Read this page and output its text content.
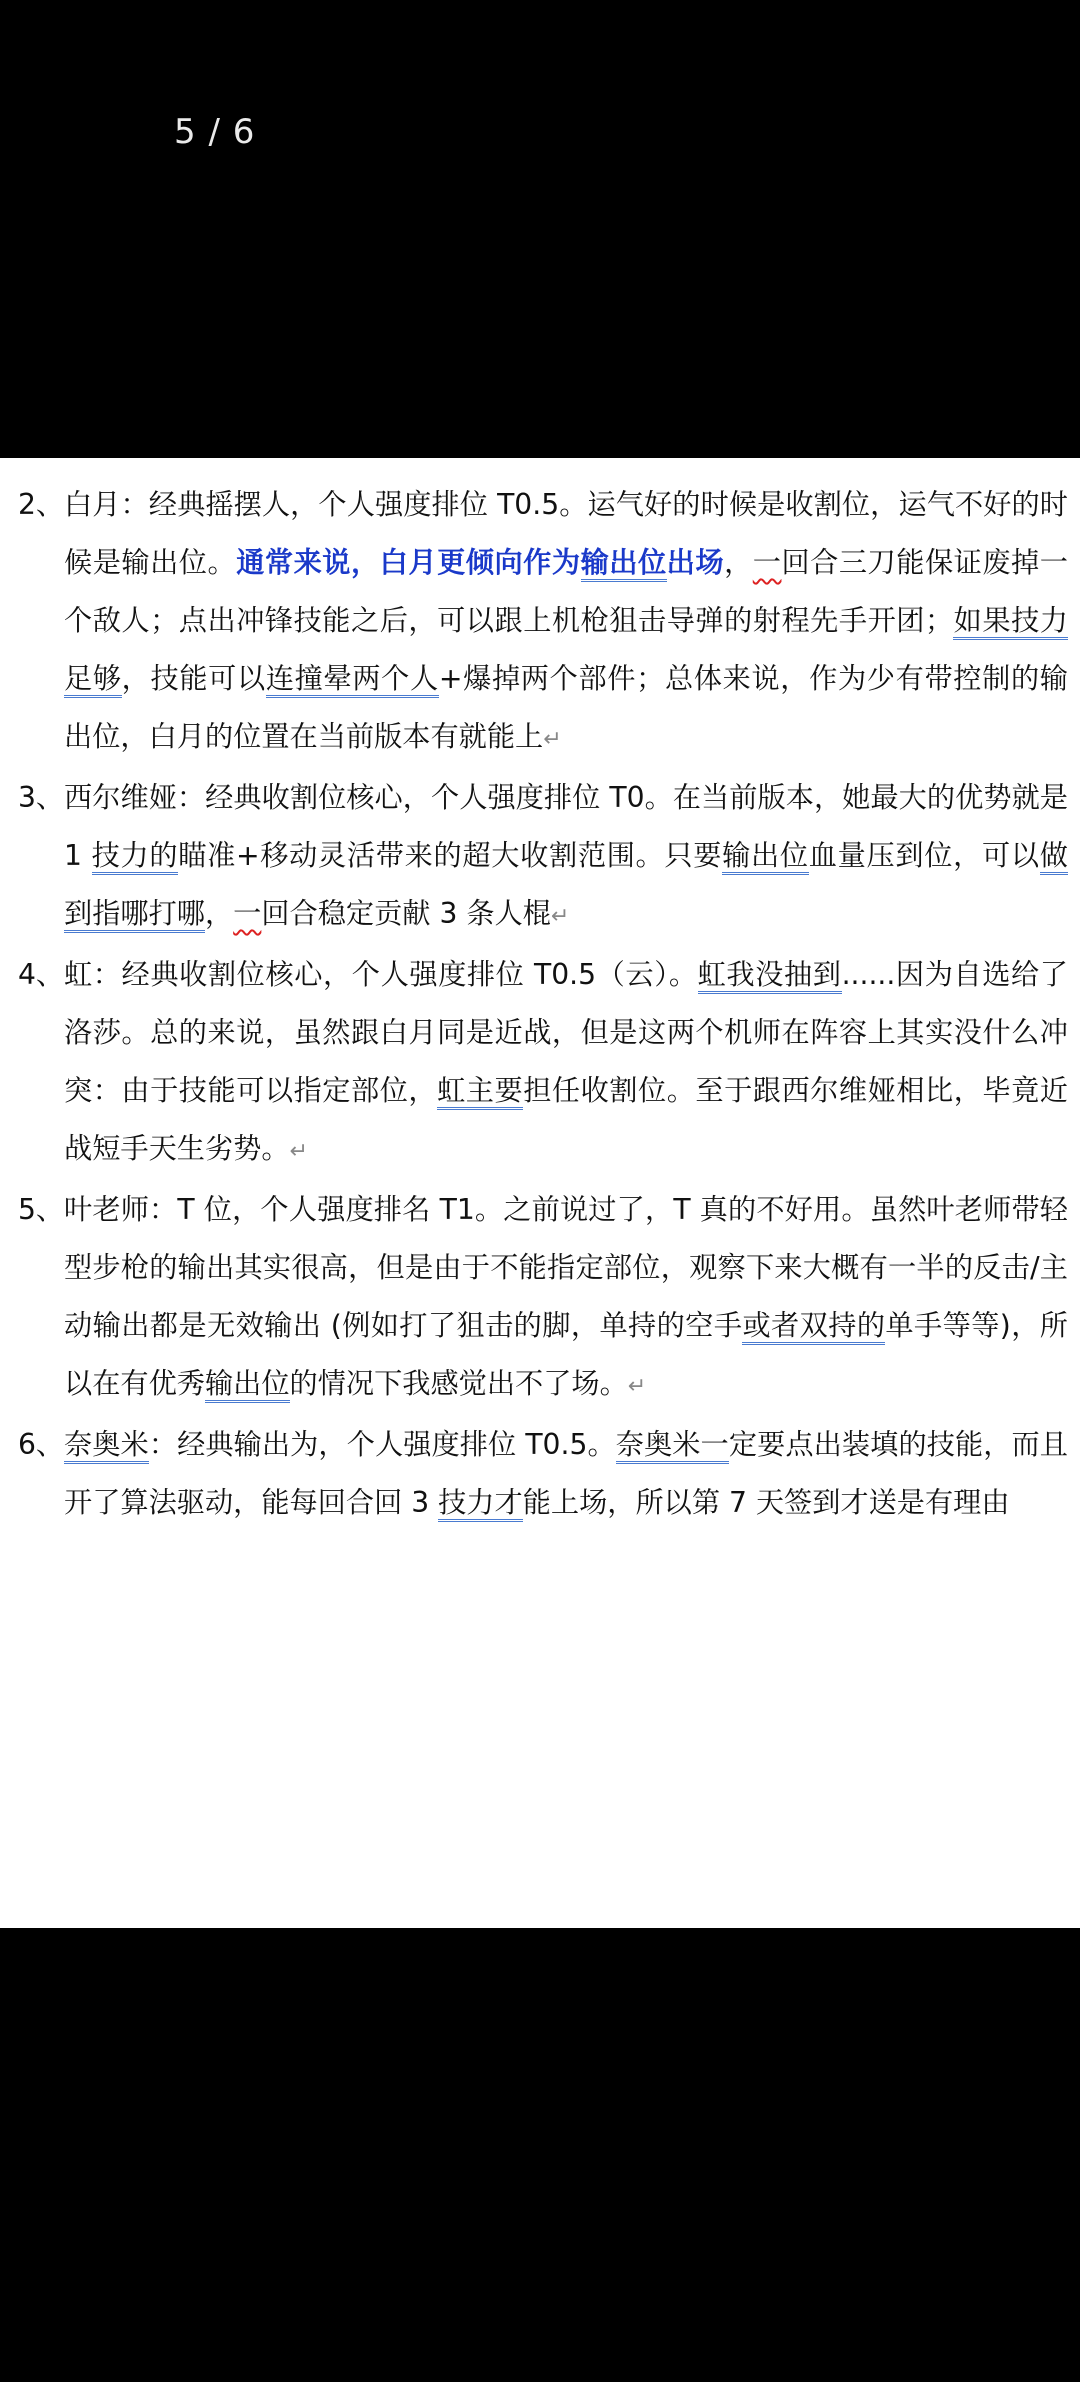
5 / 6

2、 白月：经典摇摆人，个人强度排位 T0.5。运气好的时候是收割位，运气不好的时候是输出位。通常来说，白月更倾向作为输出位出场，一回合三刀能保证废掉一个敌人；点出冲锋技能之后，可以跟上机枪狙击导弹的射程先手开团；如果技力足够，技能可以连撞晕两个人+爆掉两个部件；总体来说，作为少有带控制的输出位，白月的位置在当前版本有就能上↵

3、 西尔维娅：经典收割位核心，个人强度排位 T0。在当前版本，她最大的优势就是 1 技力的瞄准+移动灵活带来的超大收割范围。只要输出位血量压到位，可以做到指哪打哪，一回合稳定贡献 3 条人棍↵

4、 虹：经典收割位核心，个人强度排位 T0.5（云）。虹我没抽到......因为自选给了洛莎。总的来说，虽然跟白月同是近战，但是这两个机师在阵容上其实没什么冲突：由于技能可以指定部位，虹主要担任收割位。至于跟西尔维娅相比，毕竟近战短手天生劣势。↵

5、 叶老师：T 位，个人强度排名 T1。之前说过了，T 真的不好用。虽然叶老师带轻型步枪的输出其实很高，但是由于不能指定部位，观察下来大概有一半的反击/主动输出都是无效输出 (例如打了狙击的脚，单持的空手或者双持的单手等等)，所以在有优秀输出位的情况下我感觉出不了场。↵

6、 奈奥米：经典输出为，个人强度排位 T0.5。奈奥米一定要点出装填的技能，而且开了算法驱动，能每回合回 3 技力才能上场，所以第 7 天签到才送是有理由
